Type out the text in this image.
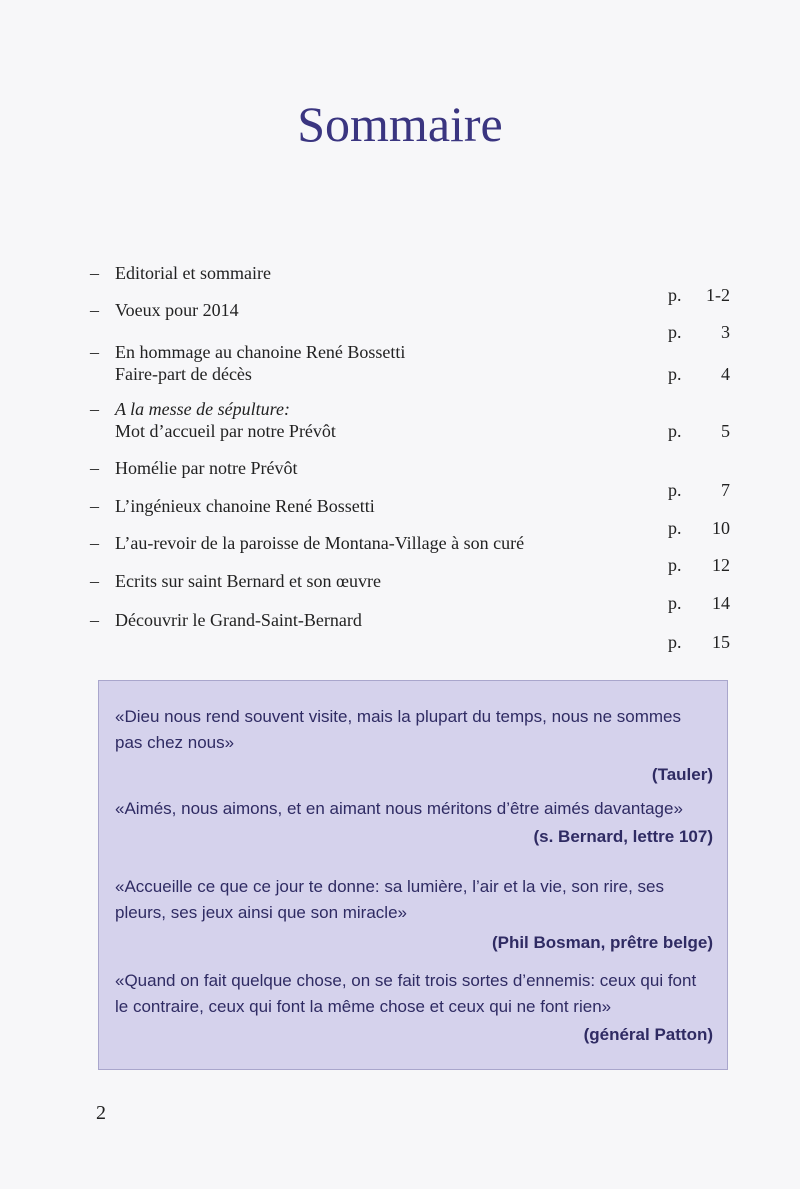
Sommaire
– Editorial et sommaire
p. 1-2
– Voeux pour 2014
p. 3
– En hommage au chanoine René Bossetti
Faire-part de décès	p. 4
– A la messe de sépulture:
Mot d’accueil par notre Prévôt	p. 5
– Homélie par notre Prévôt
p. 7
– L’ingénieux chanoine René Bossetti
p. 10
– L’au-revoir de la paroisse de Montana-Village à son curé
p. 12
– Ecrits sur saint Bernard et son œuvre
p. 14
– Découvrir le Grand-Saint-Bernard
p. 15
«Dieu nous rend souvent visite, mais la plupart du temps, nous ne sommes pas chez nous»
(Tauler)
«Aimés, nous aimons, et en aimant nous méritons d’être aimés davantage»
(s. Bernard, lettre 107)
«Accueille ce que ce jour te donne: sa lumière, l’air et la vie, son rire, ses pleurs, ses jeux ainsi que son miracle»
(Phil Bosman, prêtre belge)
«Quand on fait quelque chose, on se fait trois sortes d’ennemis: ceux qui font le contraire, ceux qui font la même chose et ceux qui ne font rien»
(général Patton)
2
